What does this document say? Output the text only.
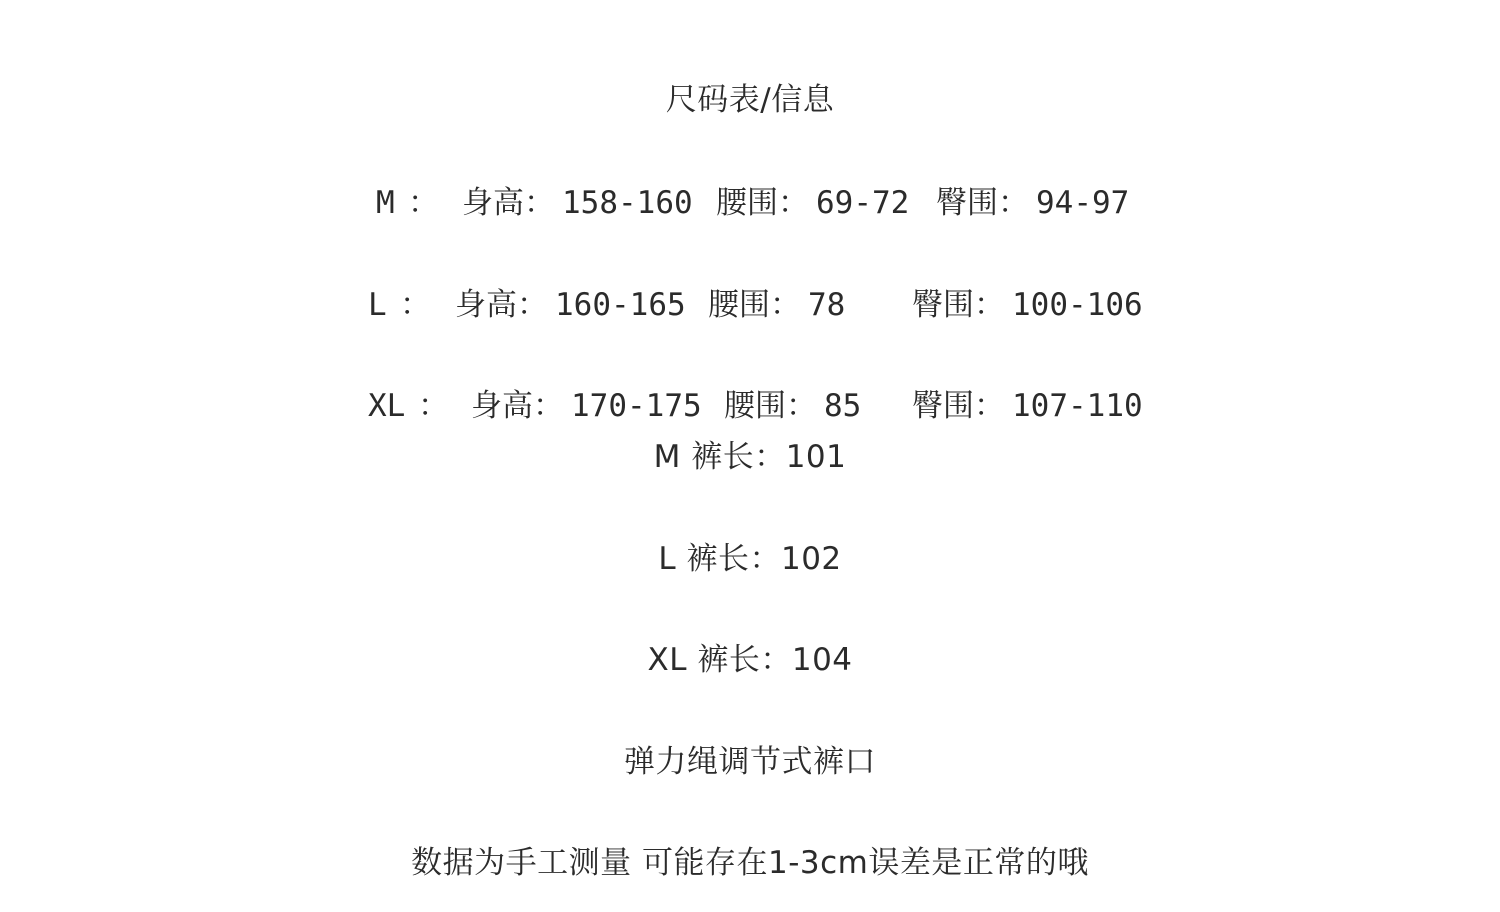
尺码表/信息
M ： 身高： 158-160 腰围： 69-72 臀围： 94-97
L ： 身高： 160-165 腰围： 78 臀围： 100-106
XL ： 身高： 170-175 腰围： 85 臀围： 107-110
M 裤长：101
L 裤长：102
XL 裤长：104
弹力绳调节式裤口
数据为手工测量 可能存在1-3cm误差是正常的哦
